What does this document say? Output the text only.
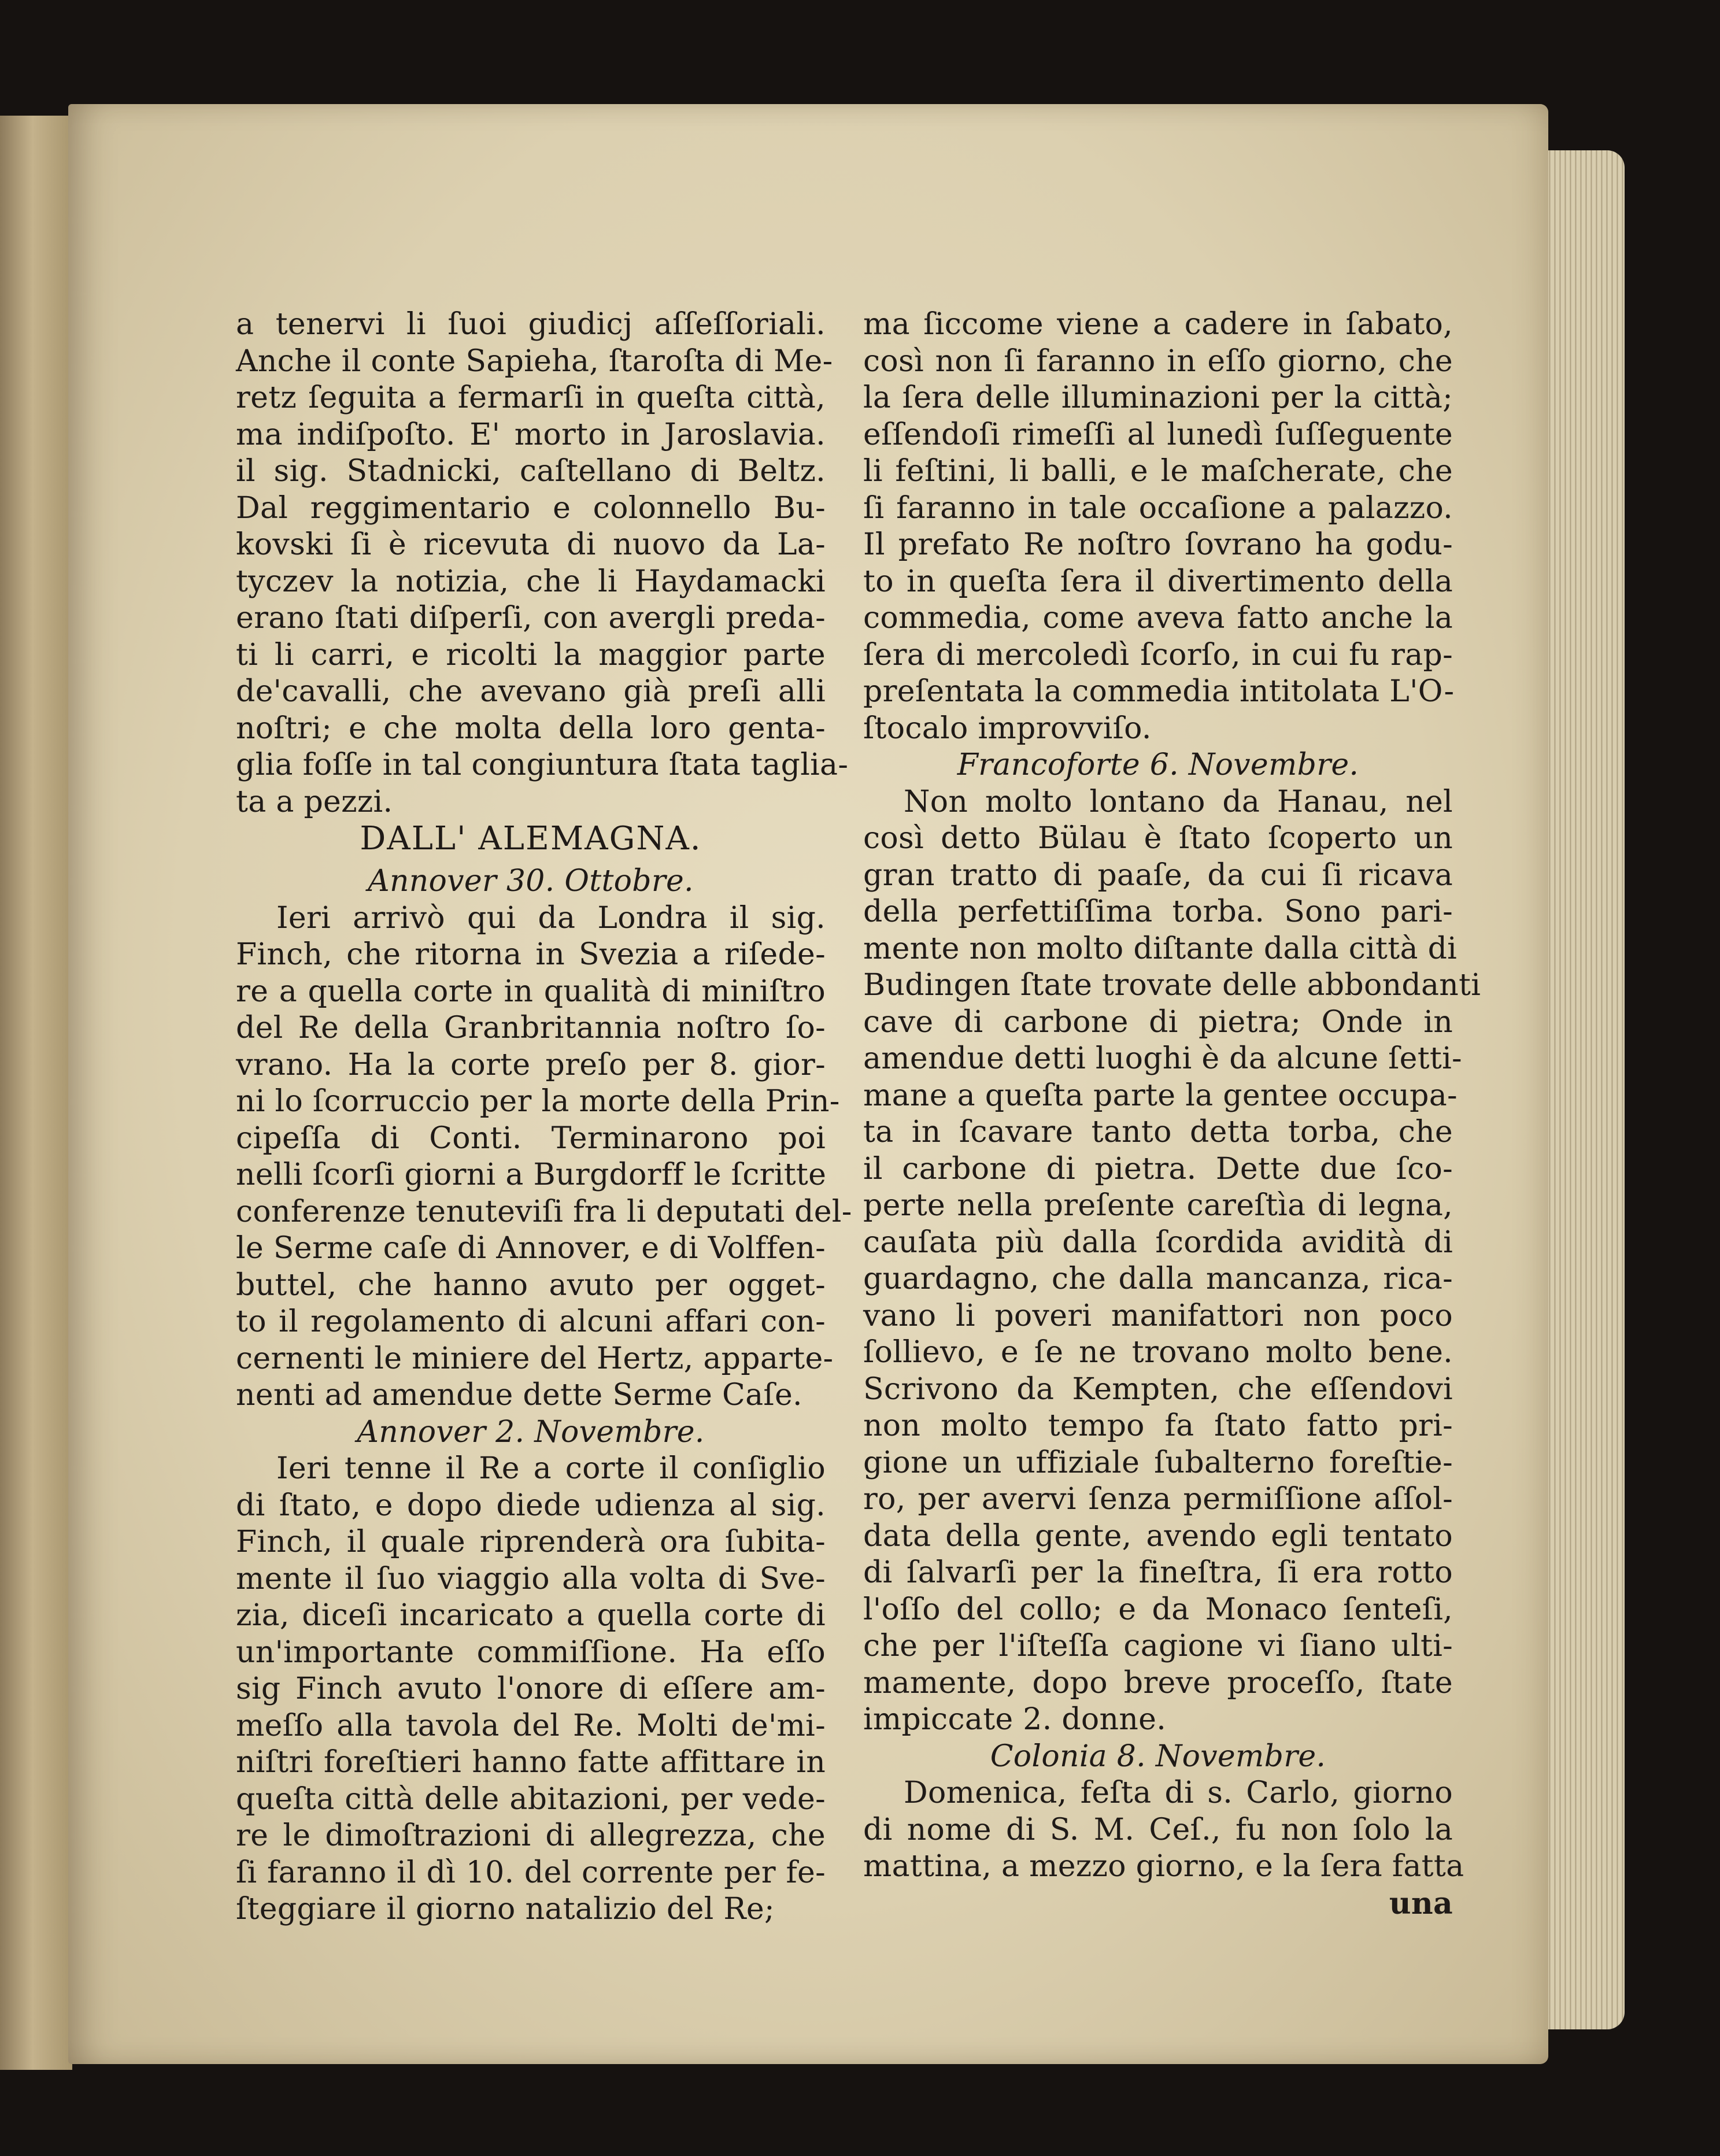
a tenervi li ſuoi giudicj aſſeſſoriali.
Anche il conte Sapieha, ſtaroſta di Me-
retz ſeguita a fermarſi in queſta città,
ma indiſpoſto. E' morto in Jaroslavia.
il sig. Stadnicki, caſtellano di Beltz.
Dal reggimentario e colonnello Bu-
kovski ſi è ricevuta di nuovo da La-
tyczev la notizia, che li Haydamacki
erano ſtati diſperſi, con avergli preda-
ti li carri, e ricolti la maggior parte
de'cavalli, che avevano già preſi alli
noſtri; e che molta della loro genta-
glia foſſe in tal congiuntura ſtata taglia-
ta a pezzi.
DALL' ALEMAGNA.
Annover 30. Ottobre.
Ieri arrivò qui da Londra il sig.
Finch, che ritorna in Svezia a riſede-
re a quella corte in qualità di miniſtro
del Re della Granbritannia noſtro ſo-
vrano. Ha la corte preſo per 8. gior-
ni lo ſcorruccio per la morte della Prin-
cipeſſa di Conti. Terminarono poi
nelli ſcorſi giorni a Burgdorff le ſcritte
conferenze tenuteviſi fra li deputati del-
le Serme caſe di Annover, e di Volffen-
buttel, che hanno avuto per ogget-
to il regolamento di alcuni affari con-
cernenti le miniere del Hertz, apparte-
nenti ad amendue dette Serme Caſe.
Annover 2. Novembre.
Ieri tenne il Re a corte il conſiglio
di ſtato, e dopo diede udienza al sig.
Finch, il quale riprenderà ora ſubita-
mente il ſuo viaggio alla volta di Sve-
zia, diceſi incaricato a quella corte di
un'importante commiſſione. Ha eſſo
sig Finch avuto l'onore di eſſere am-
meſſo alla tavola del Re. Molti de'mi-
niſtri foreſtieri hanno fatte affittare in
queſta città delle abitazioni, per vede-
re le dimoſtrazioni di allegrezza, che
ſi faranno il dì 10. del corrente per fe-
ſteggiare il giorno natalizio del Re;
ma ſiccome viene a cadere in ſabato,
così non ſi faranno in eſſo giorno, che
la ſera delle illuminazioni per la città;
eſſendoſi rimeſſi al lunedì ſuſſeguente
li feſtini, li balli, e le maſcherate, che
ſi faranno in tale occaſione a palazzo.
Il prefato Re noſtro ſovrano ha godu-
to in queſta ſera il divertimento della
commedia, come aveva fatto anche la
ſera di mercoledì ſcorſo, in cui fu rap-
preſentata la commedia intitolata L'O-
ſtocalo improvviſo.
Francoforte 6. Novembre.
Non molto lontano da Hanau, nel
così detto Bülau è ſtato ſcoperto un
gran tratto di paaſe, da cui ſi ricava
della perfettiſſima torba. Sono pari-
mente non molto diſtante dalla città di
Budingen ſtate trovate delle abbondanti
cave di carbone di pietra; Onde in
amendue detti luoghi è da alcune ſetti-
mane a queſta parte la gentee occupa-
ta in ſcavare tanto detta torba, che
il carbone di pietra. Dette due ſco-
perte nella preſente careſtìa di legna,
cauſata più dalla ſcordida avidità di
guardagno, che dalla mancanza, rica-
vano li poveri manifattori non poco
ſollievo, e ſe ne trovano molto bene.
Scrivono da Kempten, che eſſendovi
non molto tempo fa ſtato fatto pri-
gione un uffiziale ſubalterno foreſtie-
ro, per avervi ſenza permiſſione aſſol-
data della gente, avendo egli tentato
di ſalvarſi per la fineſtra, ſi era rotto
l'oſſo del collo; e da Monaco ſenteſi,
che per l'iſteſſa cagione vi ſiano ulti-
mamente, dopo breve proceſſo, ſtate
impiccate 2. donne.
Colonia 8. Novembre.
Domenica, feſta di s. Carlo, giorno
di nome di S. M. Ceſ., fu non ſolo la
mattina, a mezzo giorno, e la ſera fatta
una
